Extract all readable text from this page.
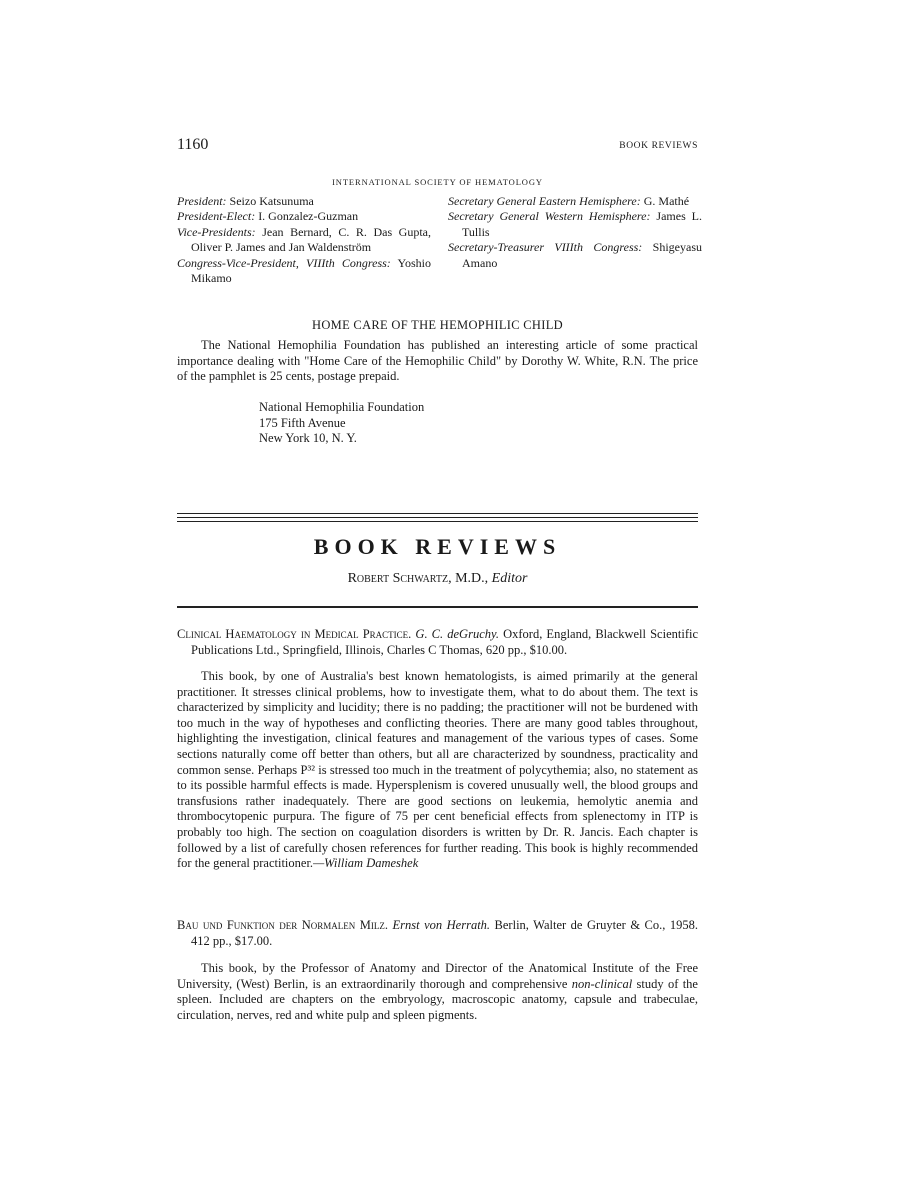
1160	BOOK REVIEWS
INTERNATIONAL SOCIETY OF HEMATOLOGY
President: Seizo Katsunuma
President-Elect: I. Gonzalez-Guzman
Vice-Presidents: Jean Bernard, C. R. Das Gupta, Oliver P. James and Jan Waldenström
Congress-Vice-President, VIIIth Congress: Yoshio Mikamo
Secretary General Eastern Hemisphere: G. Mathé
Secretary General Western Hemisphere: James L. Tullis
Secretary-Treasurer VIIIth Congress: Shigeyasu Amano
HOME CARE OF THE HEMOPHILIC CHILD

The National Hemophilia Foundation has published an interesting article of some practical importance dealing with "Home Care of the Hemophilic Child" by Dorothy W. White, R.N. The price of the pamphlet is 25 cents, postage prepaid.

National Hemophilia Foundation
175 Fifth Avenue
New York 10, N. Y.
BOOK REVIEWS
Robert Schwartz, M.D., Editor
Clinical Haematology in Medical Practice. G. C. deGruchy. Oxford, England, Blackwell Scientific Publications Ltd., Springfield, Illinois, Charles C Thomas, 620 pp., $10.00.

This book, by one of Australia's best known hematologists, is aimed primarily at the general practitioner. It stresses clinical problems, how to investigate them, what to do about them. The text is characterized by simplicity and lucidity; there is no padding; the practitioner will not be burdened with too much in the way of hypotheses and conflicting theories. There are many good tables throughout, highlighting the investigation, clinical features and management of the various types of cases. Some sections naturally come off better than others, but all are characterized by soundness, practicality and common sense. Perhaps P³² is stressed too much in the treatment of polycythemia; also, no statement as to its possible harmful effects is made. Hypersplenism is covered unusually well, the blood groups and transfusions rather inadequately. There are good sections on leukemia, hemolytic anemia and thrombocytopenic purpura. The figure of 75 per cent beneficial effects from splenectomy in ITP is probably too high. The section on coagulation disorders is written by Dr. R. Jancis. Each chapter is followed by a list of carefully chosen references for further reading. This book is highly recommended for the general practitioner.—William Dameshek

Bau und Funktion der Normalen Milz. Ernst von Herrath. Berlin, Walter de Gruyter & Co., 1958. 412 pp., $17.00.

This book, by the Professor of Anatomy and Director of the Anatomical Institute of the Free University, (West) Berlin, is an extraordinarily thorough and comprehensive non-clinical study of the spleen. Included are chapters on the embryology, macroscopic anatomy, capsule and trabeculae, circulation, nerves, red and white pulp and spleen pigments.
